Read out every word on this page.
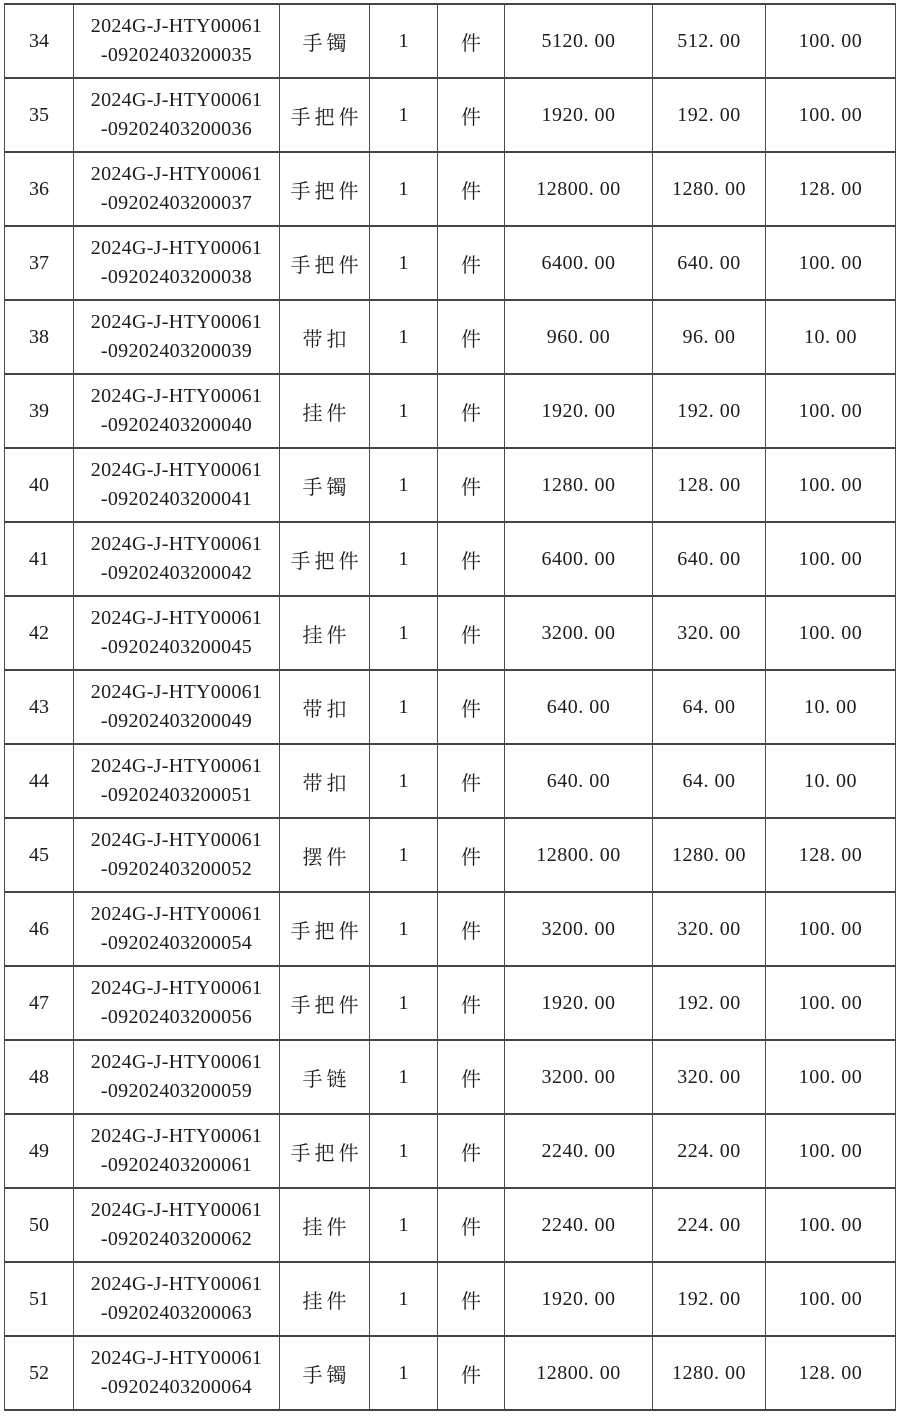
34	2024G-J-HTY00061
-09202403200035	手镯	1	件	5120. 00	512. 00	100. 00
35	2024G-J-HTY00061
-09202403200036	手把件	1	件	1920. 00	192. 00	100. 00
36	2024G-J-HTY00061
-09202403200037	手把件	1	件	12800. 00	1280. 00	128. 00
37	2024G-J-HTY00061
-09202403200038	手把件	1	件	6400. 00	640. 00	100. 00
38	2024G-J-HTY00061
-09202403200039	带扣	1	件	960. 00	96. 00	10. 00
39	2024G-J-HTY00061
-09202403200040	挂件	1	件	1920. 00	192. 00	100. 00
40	2024G-J-HTY00061
-09202403200041	手镯	1	件	1280. 00	128. 00	100. 00
41	2024G-J-HTY00061
-09202403200042	手把件	1	件	6400. 00	640. 00	100. 00
42	2024G-J-HTY00061
-09202403200045	挂件	1	件	3200. 00	320. 00	100. 00
43	2024G-J-HTY00061
-09202403200049	带扣	1	件	640. 00	64. 00	10. 00
44	2024G-J-HTY00061
-09202403200051	带扣	1	件	640. 00	64. 00	10. 00
45	2024G-J-HTY00061
-09202403200052	摆件	1	件	12800. 00	1280. 00	128. 00
46	2024G-J-HTY00061
-09202403200054	手把件	1	件	3200. 00	320. 00	100. 00
47	2024G-J-HTY00061
-09202403200056	手把件	1	件	1920. 00	192. 00	100. 00
48	2024G-J-HTY00061
-09202403200059	手链	1	件	3200. 00	320. 00	100. 00
49	2024G-J-HTY00061
-09202403200061	手把件	1	件	2240. 00	224. 00	100. 00
50	2024G-J-HTY00061
-09202403200062	挂件	1	件	2240. 00	224. 00	100. 00
51	2024G-J-HTY00061
-09202403200063	挂件	1	件	1920. 00	192. 00	100. 00
52	2024G-J-HTY00061
-09202403200064	手镯	1	件	12800. 00	1280. 00	128. 00
